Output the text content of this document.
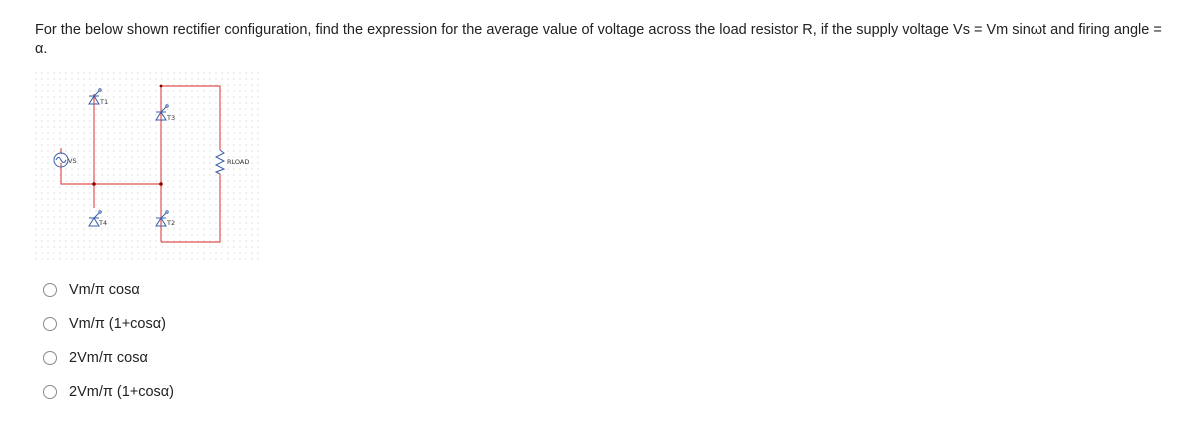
For the below shown rectifier configuration, find the expression for the average value of voltage across the load resistor R, if the supply voltage Vs = Vm sinωt and firing angle = α.

VS
T1
T3
T4	T2
RLOAD
Vm/π cosα
Vm/π (1+cosα)
2Vm/π cosα
2Vm/π (1+cosα)
